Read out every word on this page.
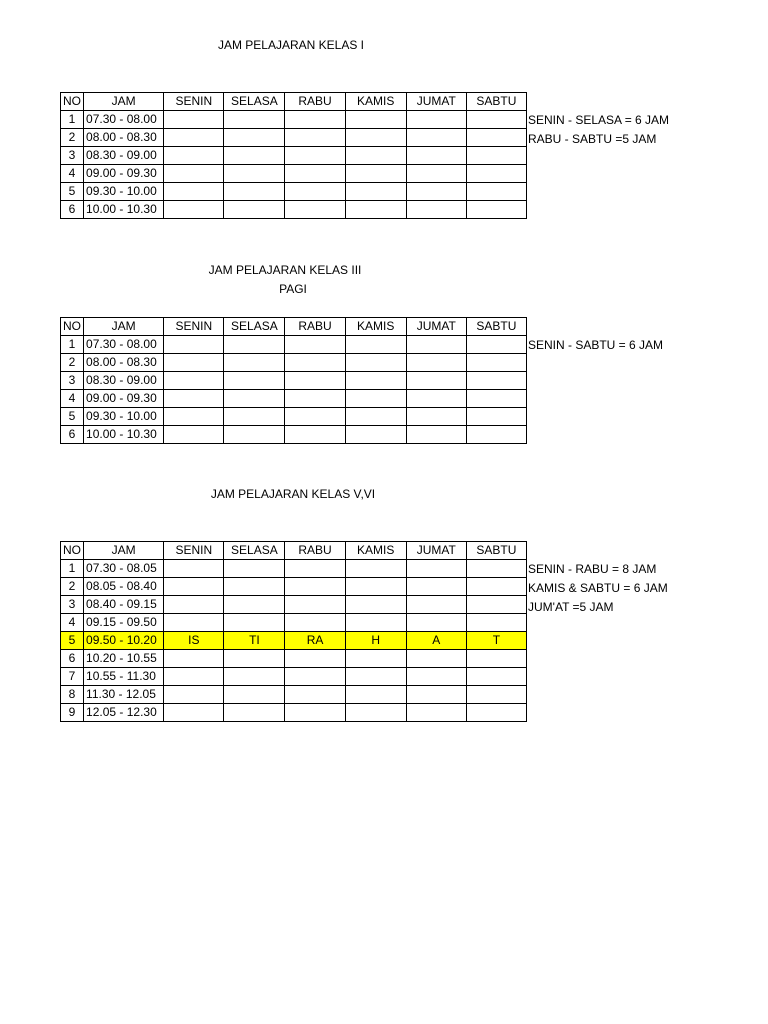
JAM PELAJARAN KELAS I
NO	JAM	SENIN	SELASA	RABU	KAMIS	JUMAT	SABTU
1	07.30 - 08.00						
2	08.00 - 08.30						
3	08.30 - 09.00						
4	09.00 - 09.30						
5	09.30 - 10.00						
6	10.00 - 10.30						
SENIN - SELASA = 6 JAM
RABU - SABTU =5 JAM
JAM PELAJARAN KELAS III
PAGI
NO	JAM	SENIN	SELASA	RABU	KAMIS	JUMAT	SABTU
1	07.30 - 08.00						
2	08.00 - 08.30						
3	08.30 - 09.00						
4	09.00 - 09.30						
5	09.30 - 10.00						
6	10.00 - 10.30						
SENIN - SABTU = 6 JAM
JAM PELAJARAN KELAS V,VI
NO	JAM	SENIN	SELASA	RABU	KAMIS	JUMAT	SABTU
1	07.30 - 08.05						
2	08.05 - 08.40						
3	08.40 - 09.15						
4	09.15 - 09.50						
5	09.50 - 10.20	IS	TI	RA	H	A	T
6	10.20 - 10.55						
7	10.55 - 11.30						
8	11.30 - 12.05						
9	12.05 - 12.30						
SENIN - RABU = 8 JAM
KAMIS & SABTU = 6 JAM
JUM'AT =5 JAM
